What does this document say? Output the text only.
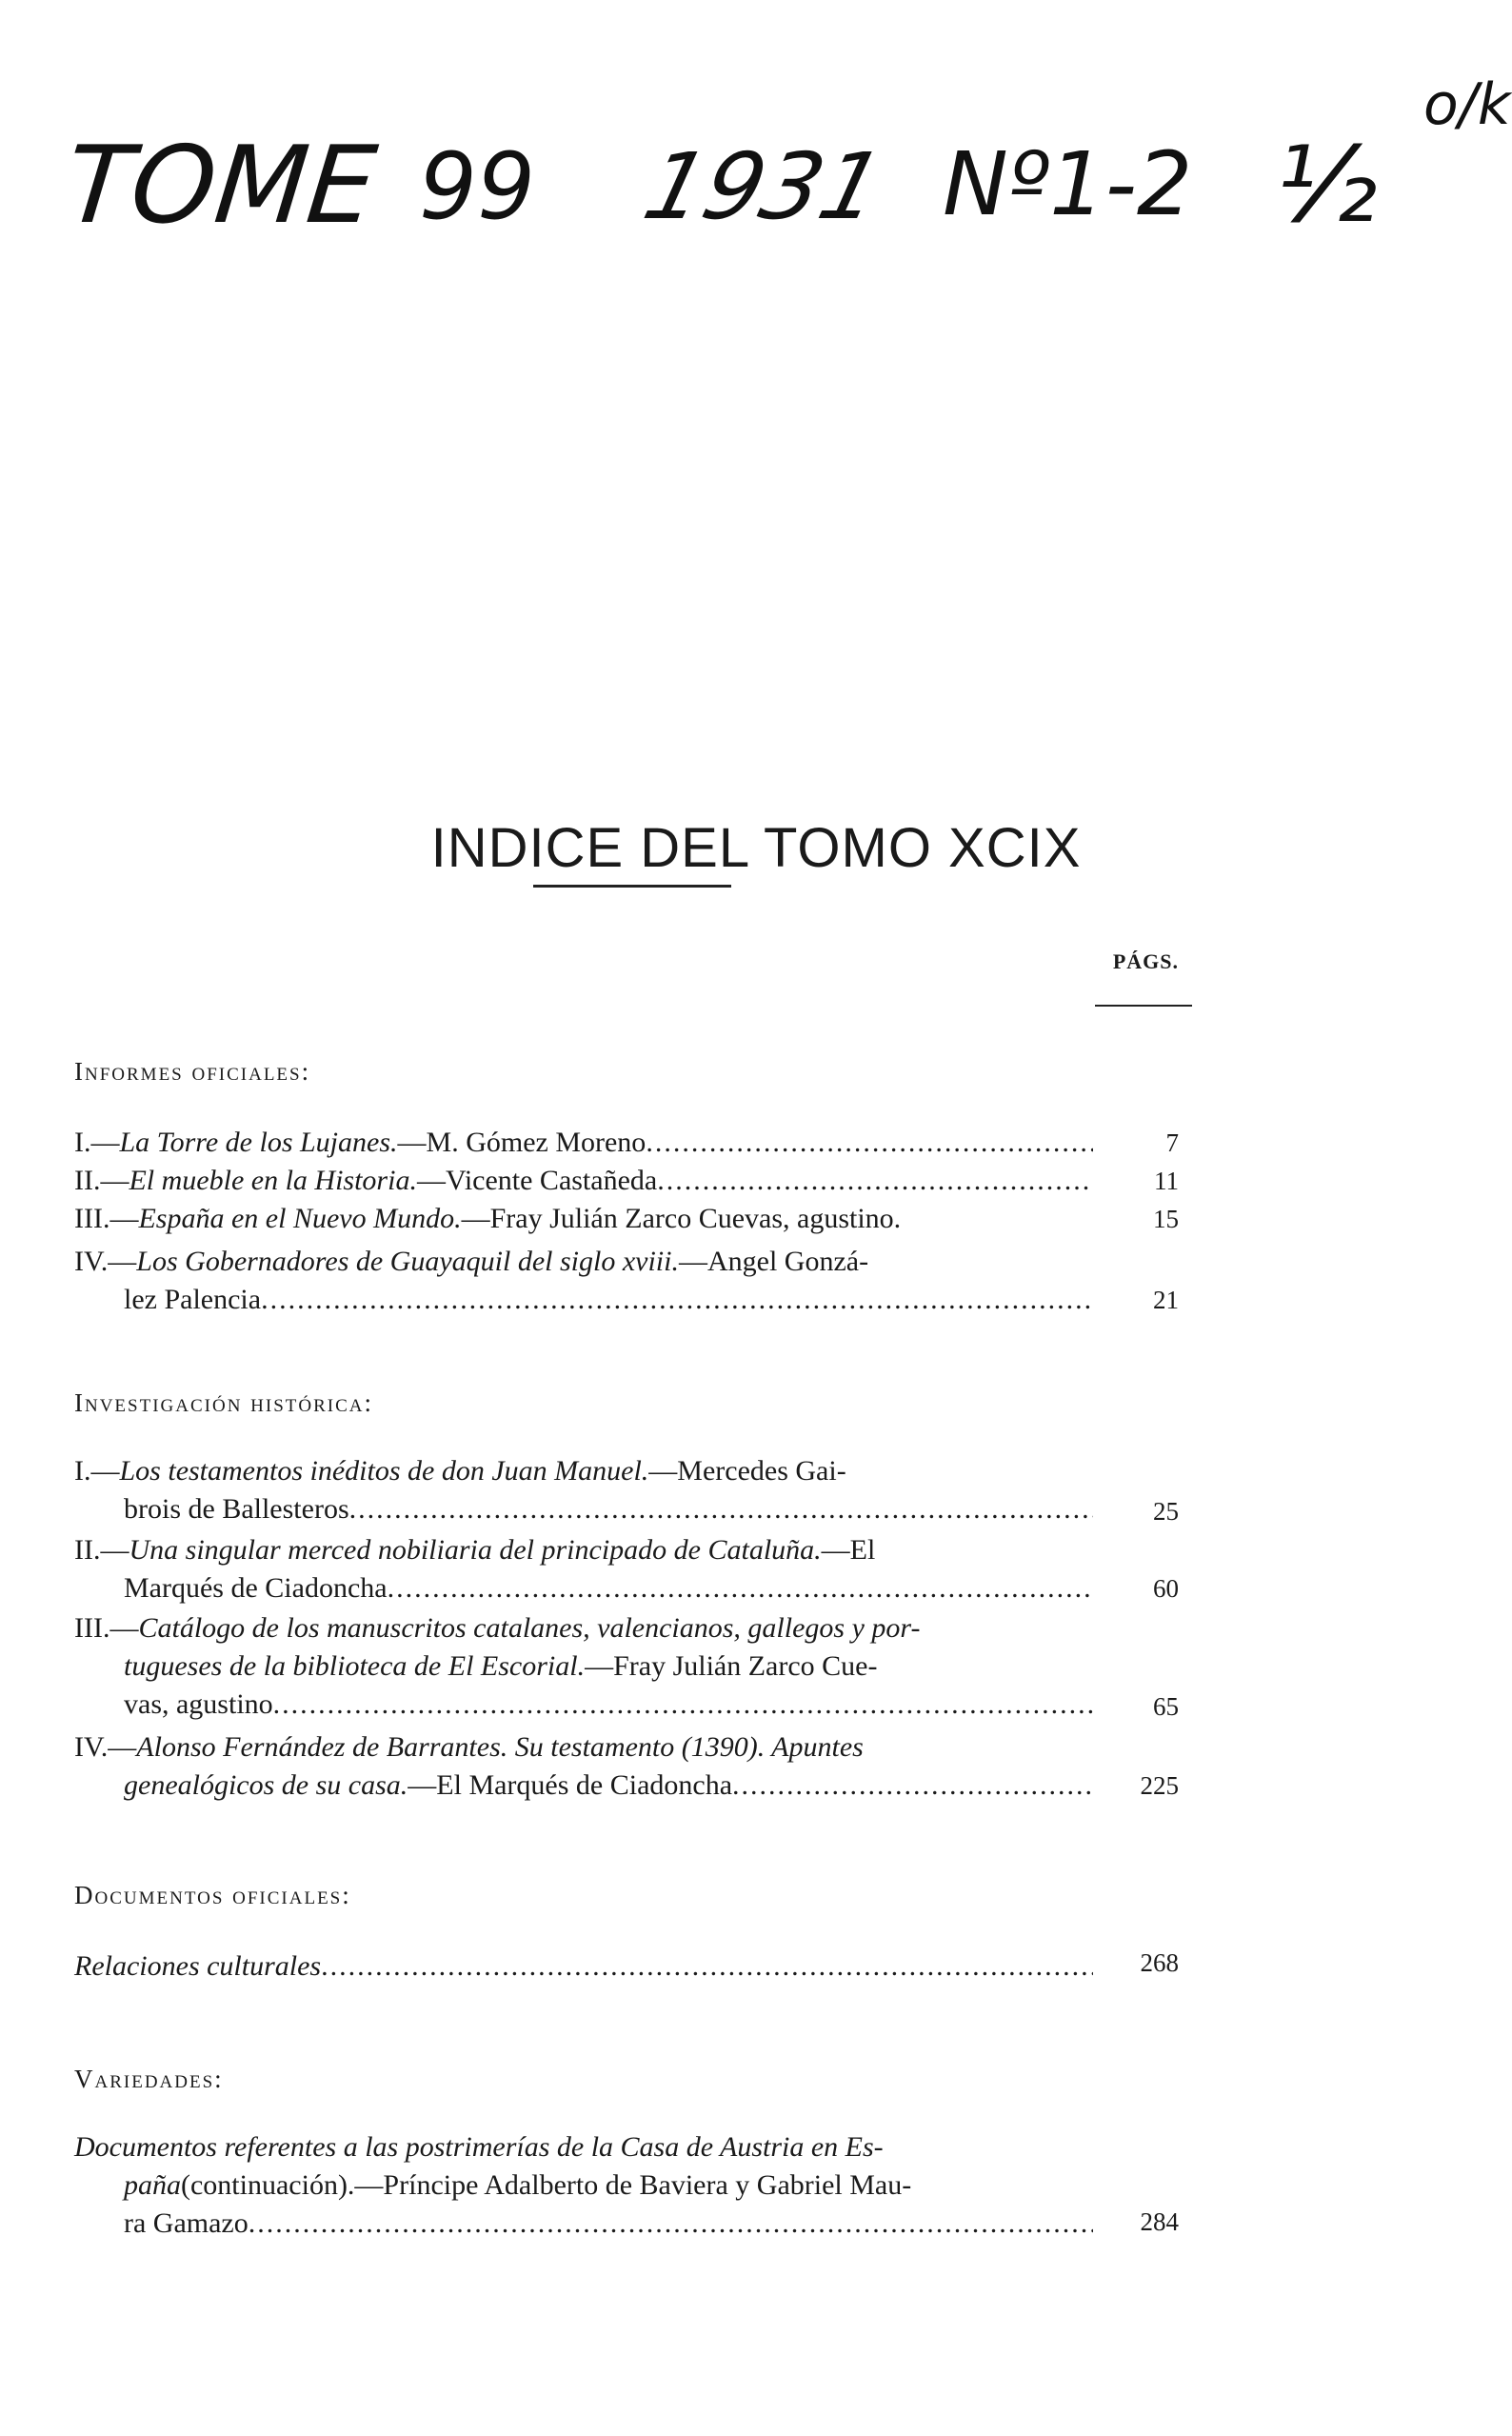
TOME 99 1931 Nº1-2 ½
o/k
INDICE DEL TOMO XCIX
PÁGS.
Informes oficiales:
I.— La Torre de los Lujanes. —M. Gómez Moreno .....	7
II.— El mueble en la Historia. —Vicente Castañeda .....	11
III.— España en el Nuevo Mundo. —Fray Julián Zarco Cuevas, agustino.	15
IV.— Los Gobernadores de Guayaquil del siglo xviii. —Angel Gonzá-
lez Palencia .....	21
Investigación histórica:
I.— Los testamentos inéditos de don Juan Manuel. —Mercedes Gai-
brois de Ballesteros .....	25
II.— Una singular merced nobiliaria del principado de Cataluña. —El
Marqués de Ciadoncha .....	60
III.— Catálogo de los manuscritos catalanes, valencianos, gallegos y por-
tugueses de la biblioteca de El Escorial. —Fray Julián Zarco Cue-
vas, agustino .....	65
IV.— Alonso Fernández de Barrantes. Su testamento (1390). Apuntes
genealógicos de su casa. —El Marqués de Ciadoncha .....	225
Documentos oficiales:
Relaciones culturales .....	268
Variedades:
Documentos referentes a las postrimerías de la Casa de Austria en Es-
paña (continuación).—Príncipe Adalberto de Baviera y Gabriel Mau-
ra Gamazo .....	284
